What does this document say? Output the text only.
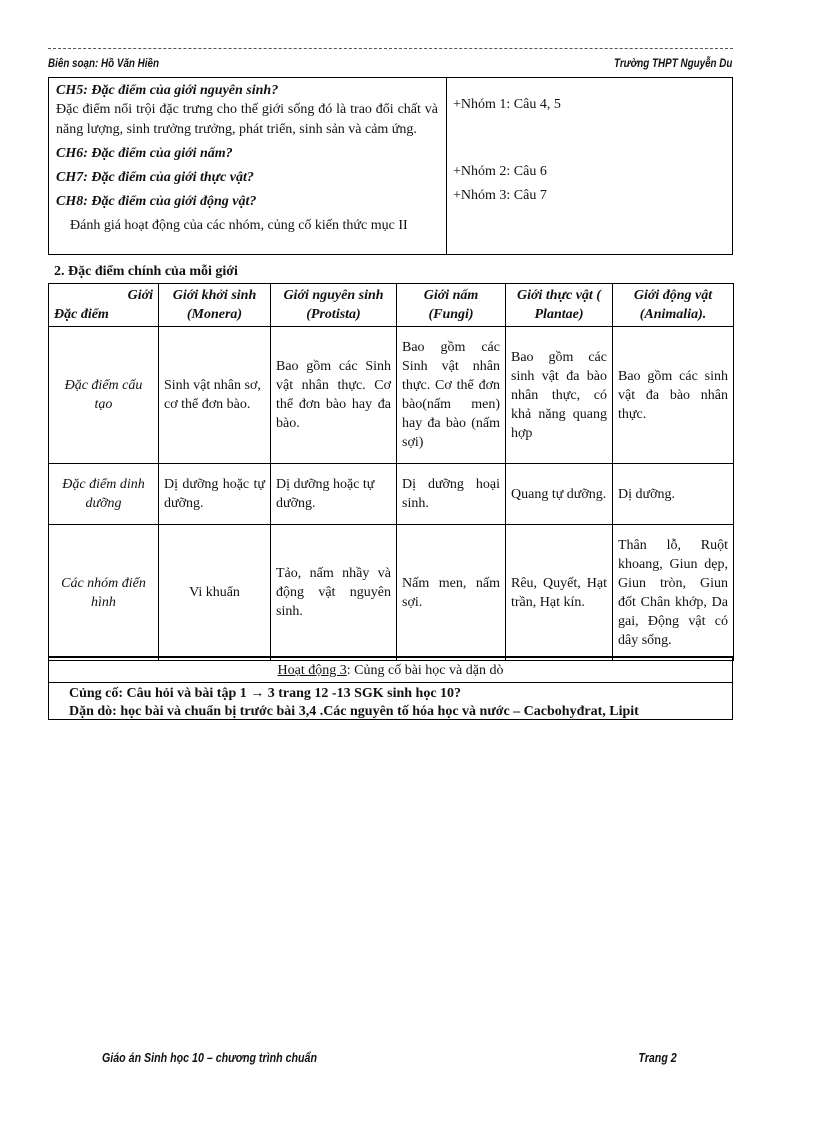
Biên soạn: Hồ Văn Hiền	Trường THPT Nguyễn Du

CH5: Đặc điểm của giới nguyên sinh?

Đặc điểm nổi trội đặc trưng cho thế giới sống đó là trao đổi chất và năng lượng, sinh trưởng trưởng, phát triển, sinh sản và cảm ứng.

CH6: Đặc điểm của giới nấm?

CH7: Đặc điểm của giới thực vật?

CH8: Đặc điểm của giới động vật?

Đánh giá hoạt động của các nhóm, củng cố kiến thức mục II

+Nhóm 1: Câu 4, 5

+Nhóm 2: Câu 6

+Nhóm 3: Câu 7

2. Đặc điểm chính của mỗi giới
Giới
Đặc điểm	Giới khởi sinh (Monera)	Giới nguyên sinh (Protista)	Giới nấm (Fungi)	Giới thực vật ( Plantae)	Giới động vật (Animalia).
Đặc điểm cấu tạo	Sinh vật nhân sơ, cơ thể đơn bào.	Bao gồm các Sinh vật nhân thực. Cơ thể đơn bào hay đa bào.	Bao gồm các Sinh vật nhân thực. Cơ thể đơn bào(nấm men) hay đa bào (nấm sợi)	Bao gồm các sinh vật đa bào nhân thực, có khả năng quang hợp	Bao gồm các sinh vật đa bào nhân thực.
Đặc điểm dinh dưỡng	Dị dưỡng hoặc tự dưỡng.	Dị dưỡng hoặc tự dưỡng.	Dị dưỡng hoại sinh.	Quang tự dưỡng.	Dị dưỡng.
Các nhóm điển hình	Vi khuẩn	Tảo, nấm nhầy và động vật nguyên sinh.	Nấm men, nấm sợi.	Rêu, Quyết, Hạt trần, Hạt kín.	Thân lỗ, Ruột khoang, Giun dẹp, Giun tròn, Giun đốt Chân khớp, Da gai, Động vật có dây sống.
Hoạt động 3: Củng cố bài học và dặn dò

Củng cố: Câu hỏi và bài tập 1 → 3 trang 12 -13 SGK sinh học 10?

Dặn dò: học bài và chuẩn bị trước bài 3,4 .Các nguyên tố hóa học và nước – Cacbohyđrat, Lipit

Giáo án Sinh học 10 – chương trình chuẩn	Trang 2
